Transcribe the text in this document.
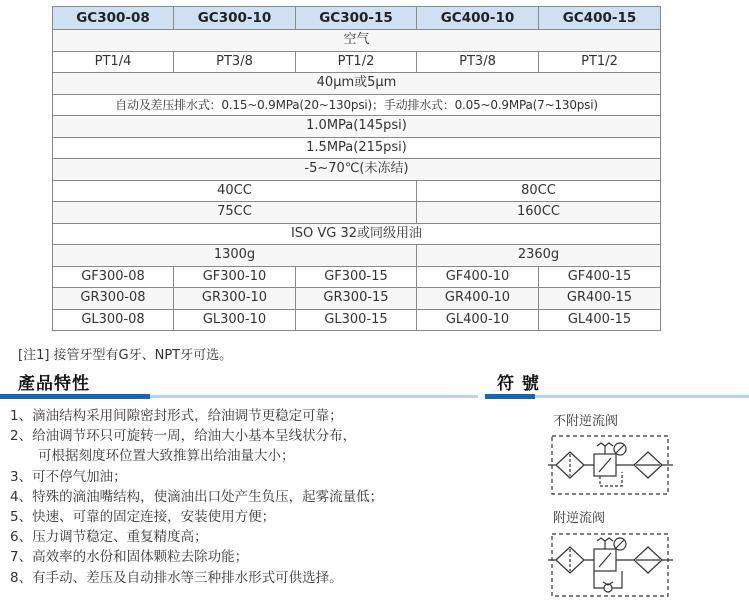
GC300-08	GC300-10	GC300-15	GC400-10	GC400-15
空气				
PT1/4	PT3/8	PT1/2	PT3/8	PT1/2
40μm或5μm				
自动及差压排水式：0.15~0.9MPa(20~130psi)；手动排水式：0.05~0.9MPa(7~130psi)				
1.0MPa(145psi)				
1.5MPa(215psi)				
-5~70℃(未冻结)				
40CC			80CC	
75CC			160CC	
ISO VG 32或同级用油				
1300g			2360g	
GF300-08	GF300-10	GF300-15	GF400-10	GF400-15
GR300-08	GR300-10	GR300-15	GR400-10	GR400-15
GL300-08	GL300-10	GL300-15	GL400-10	GL400-15
[注1] 接管牙型有G牙、NPT牙可选。
產品特性	符 號
1、滴油结构采用间隙密封形式，给油调节更稳定可靠；
2、给油调节环只可旋转一周，给油大小基本呈线状分布，
可根据刻度环位置大致推算出给油量大小；
3、可不停气加油；
4、特殊的滴油嘴结构，使滴油出口处产生负压，起雾流量低；
5、快速、可靠的固定连接，安装使用方便；
6、压力调节稳定、重复精度高；
7、高效率的水份和固体颗粒去除功能；
8、有手动、差压及自动排水等三种排水形式可供选择。
不附逆流阀
附逆流阀
